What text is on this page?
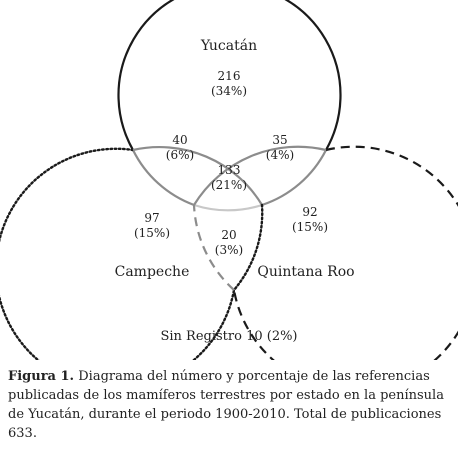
Yucatán
216
(34%)
40
(6%)
35
(4%)
133
(21%)
97
(15%)	20
(3%)
92
(15%)
Campeche	Quintana Roo
Sin Registro 10 (2%)

Figura 1. Diagrama del número y porcentaje de las referencias publicadas de los mamíferos terrestres por estado en la península de Yucatán, durante el periodo 1900-2010. Total de publicaciones 633.
